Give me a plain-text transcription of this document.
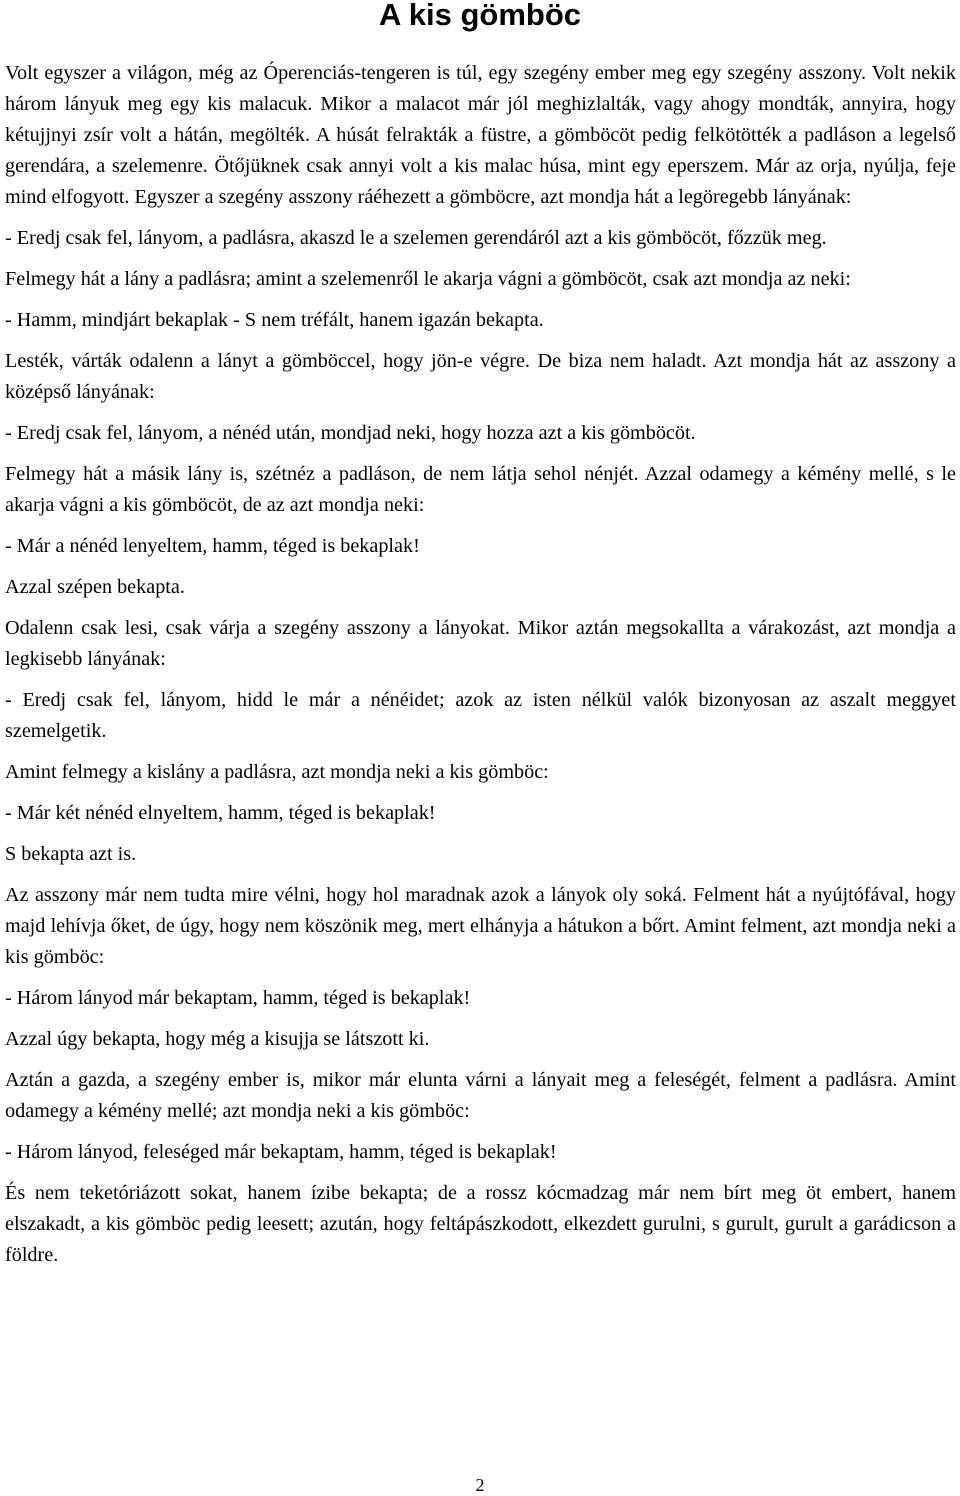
A kis gömböc

Volt egyszer a világon, még az Óperenciás-tengeren is túl, egy szegény ember meg egy szegény asszony. Volt nekik három lányuk meg egy kis malacuk. Mikor a malacot már jól meghizlalták, vagy ahogy mondták, annyira, hogy kétujjnyi zsír volt a hátán, megölték. A húsát felrakták a füstre, a gömböcöt pedig felkötötték a padláson a legelső gerendára, a szelemenre. Ötőjüknek csak annyi volt a kis malac húsa, mint egy eperszem. Már az orja, nyúlja, feje mind elfogyott. Egyszer a szegény asszony ráéhezett a gömböcre, azt mondja hát a legöregebb lányának:

- Eredj csak fel, lányom, a padlásra, akaszd le a szelemen gerendáról azt a kis gömböcöt, főzzük meg.

Felmegy hát a lány a padlásra; amint a szelemenről le akarja vágni a gömböcöt, csak azt mondja az neki:

- Hamm, mindjárt bekaplak - S nem tréfált, hanem igazán bekapta.

Lesték, várták odalenn a lányt a gömböccel, hogy jön-e végre. De biza nem haladt. Azt mondja hát az asszony a középső lányának:

- Eredj csak fel, lányom, a nénéd után, mondjad neki, hogy hozza azt a kis gömböcöt.

Felmegy hát a másik lány is, szétnéz a padláson, de nem látja sehol nénjét. Azzal odamegy a kémény mellé, s le akarja vágni a kis gömböcöt, de az azt mondja neki:

- Már a nénéd lenyeltem, hamm, téged is bekaplak!

Azzal szépen bekapta.

Odalenn csak lesi, csak várja a szegény asszony a lányokat. Mikor aztán megsokallta a várakozást, azt mondja a legkisebb lányának:

- Eredj csak fel, lányom, hidd le már a nénéidet; azok az isten nélkül valók bizonyosan az aszalt meggyet szemelgetik.

Amint felmegy a kislány a padlásra, azt mondja neki a kis gömböc:

- Már két nénéd elnyeltem, hamm, téged is bekaplak!

S bekapta azt is.

Az asszony már nem tudta mire vélni, hogy hol maradnak azok a lányok oly soká. Felment hát a nyújtófával, hogy majd lehívja őket, de úgy, hogy nem köszönik meg, mert elhányja a hátukon a bőrt. Amint felment, azt mondja neki a kis gömböc:

- Három lányod már bekaptam, hamm, téged is bekaplak!

Azzal úgy bekapta, hogy még a kisujja se látszott ki.

Aztán a gazda, a szegény ember is, mikor már elunta várni a lányait meg a feleségét, felment a padlásra. Amint odamegy a kémény mellé; azt mondja neki a kis gömböc:

- Három lányod, feleséged már bekaptam, hamm, téged is bekaplak!

És nem teketóriázott sokat, hanem ízibe bekapta; de a rossz kócmadzag már nem bírt meg öt embert, hanem elszakadt, a kis gömböc pedig leesett; azután, hogy feltápászkodott, elkezdett gurulni, s gurult, gurult a garádicson a földre.

2
